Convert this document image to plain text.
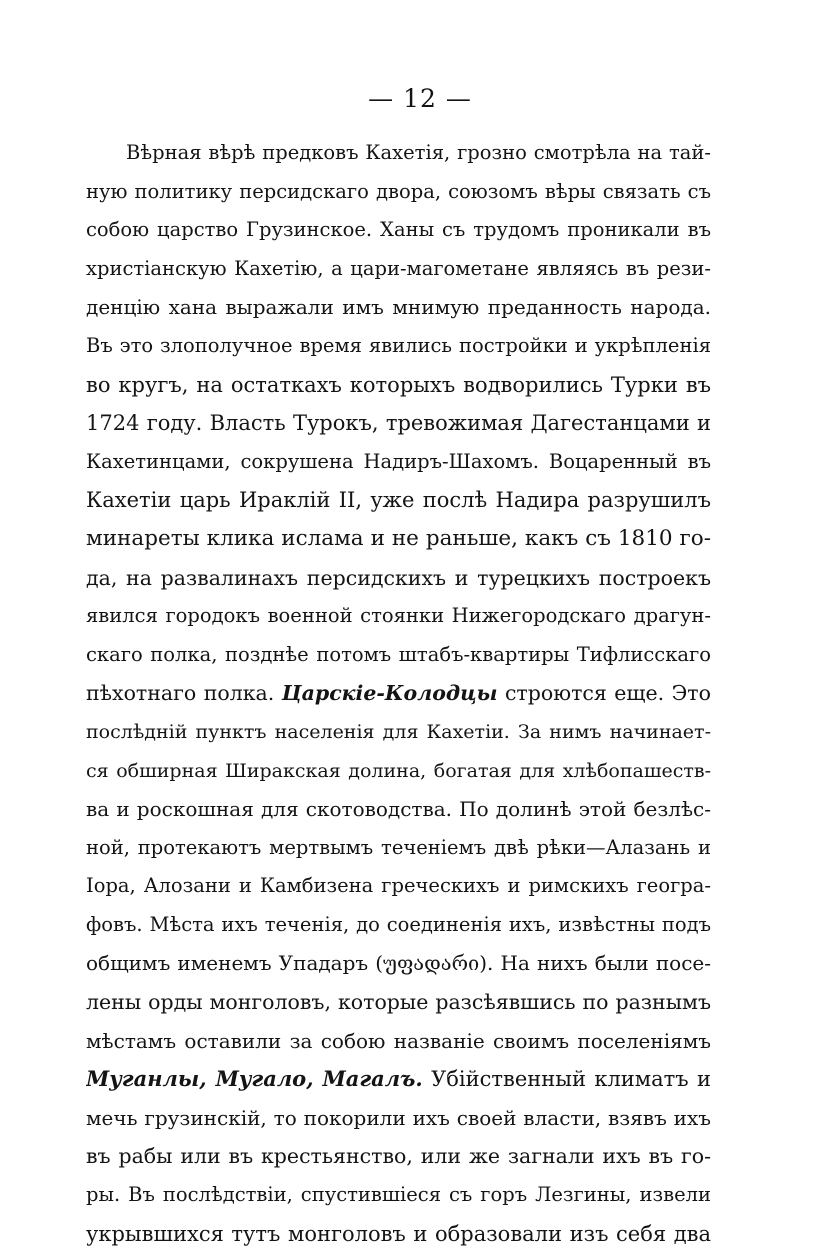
— 12 —
Вѣрная вѣрѣ предковъ Кахетія, грозно смотрѣла на тай-
ную политику персидскаго двора, союзомъ вѣры связать съ
собою царство Грузинское. Ханы съ трудомъ проникали въ
христіанскую Кахетію, а цари-магометане являясь въ рези-
денцію хана выражали имъ мнимую преданность народа.
Въ это злополучное время явились постройки и укрѣпленія
во кругъ, на остаткахъ которыхъ водворились Турки въ
1724 году. Власть Турокъ, тревожимая Дагестанцами и
Кахетинцами, сокрушена Надиръ-Шахомъ. Воцаренный въ
Кахетіи царь Ираклій II, уже послѣ Надира разрушилъ
минареты клика ислама и не раньше, какъ съ 1810 го-
да, на развалинахъ персидскихъ и турецкихъ построекъ
явился городокъ военной стоянки Нижегородскаго драгун-
скаго полка, позднѣе потомъ штабъ-квартиры Тифлисскаго
пѣхотнаго полка. Царскіе-Колодцы строются еще. Это
послѣдній пунктъ населенія для Кахетіи. За нимъ начинает-
ся обширная Ширакская долина, богатая для хлѣбопашеств-
ва и роскошная для скотоводства. По долинѣ этой безлѣс-
ной, протекаютъ мертвымъ теченіемъ двѣ рѣки—Алазань и
Іора, Алозани и Камбизена греческихъ и римскихъ геогра-
фовъ. Мѣста ихъ теченія, до соединенія ихъ, извѣстны подъ
общимъ именемъ Упадаръ (უფადარი). На нихъ были посе-
лены орды монголовъ, которые разсѣявшись по разнымъ
мѣстамъ оставили за собою названіе своимъ поселеніямъ
Муганлы, Мугало, Магалъ. Убійственный климатъ и
мечь грузинскій, то покорили ихъ своей власти, взявъ ихъ
въ рабы или въ крестьянство, или же загнали ихъ въ го-
ры. Въ послѣдствіи, спустившіеся съ горъ Лезгины, извели
укрывшихся тутъ монголовъ и образовали изъ себя два
